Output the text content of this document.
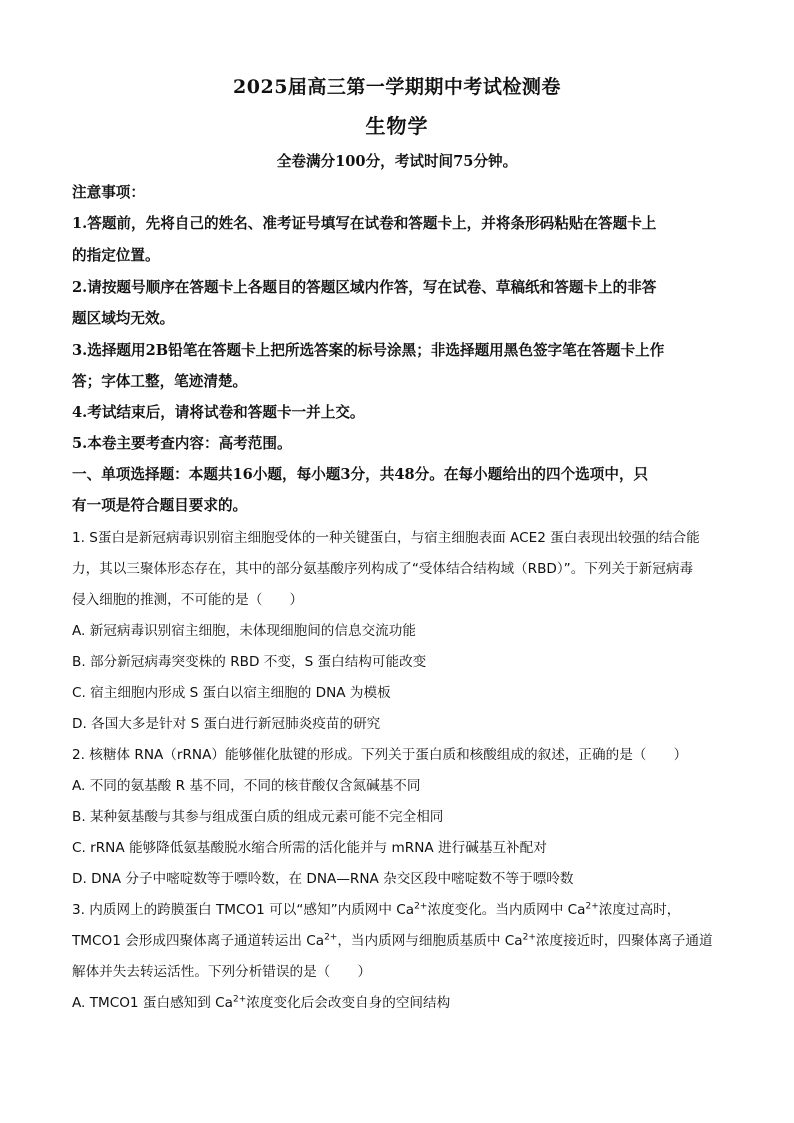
2025届高三第一学期期中考试检测卷
生物学
全卷满分100分，考试时间75分钟。
注意事项：
1.答题前，先将自己的姓名、准考证号填写在试卷和答题卡上，并将条形码粘贴在答题卡上
的指定位置。
2.请按题号顺序在答题卡上各题目的答题区域内作答，写在试卷、草稿纸和答题卡上的非答
题区域均无效。
3.选择题用2B铅笔在答题卡上把所选答案的标号涂黑；非选择题用黑色签字笔在答题卡上作
答；字体工整，笔迹清楚。
4.考试结束后，请将试卷和答题卡一并上交。
5.本卷主要考查内容：高考范围。
一、单项选择题：本题共16小题，每小题3分，共48分。在每小题给出的四个选项中，只
有一项是符合题目要求的。
1. S蛋白是新冠病毒识别宿主细胞受体的一种关键蛋白，与宿主细胞表面 ACE2 蛋白表现出较强的结合能
力，其以三聚体形态存在，其中的部分氨基酸序列构成了“受体结合结构域（RBD）”。下列关于新冠病毒
侵入细胞的推测，不可能的是（　　）
A. 新冠病毒识别宿主细胞，未体现细胞间的信息交流功能
B. 部分新冠病毒突变株的 RBD 不变，S 蛋白结构可能改变
C. 宿主细胞内形成 S 蛋白以宿主细胞的 DNA 为模板
D. 各国大多是针对 S 蛋白进行新冠肺炎疫苗的研究
2. 核糖体 RNA（rRNA）能够催化肽键的形成。下列关于蛋白质和核酸组成的叙述，正确的是（　　）
A. 不同的氨基酸 R 基不同，不同的核苷酸仅含氮碱基不同
B. 某种氨基酸与其参与组成蛋白质的组成元素可能不完全相同
C. rRNA 能够降低氨基酸脱水缩合所需的活化能并与 mRNA 进行碱基互补配对
D. DNA 分子中嘧啶数等于嘌呤数，在 DNA—RNA 杂交区段中嘧啶数不等于嘌呤数
3. 内质网上的跨膜蛋白 TMCO1 可以“感知”内质网中 $Ca^{2+}$浓度变化。当内质网中 $Ca^{2+}$浓度过高时，
TMCO1 会形成四聚体离子通道转运出 $Ca^{2+}$，当内质网与细胞质基质中 $Ca^{2+}$浓度接近时，四聚体离子通道
解体并失去转运活性。下列分析错误的是（　　）
A. TMCO1 蛋白感知到 $Ca^{2+}$浓度变化后会改变自身的空间结构
